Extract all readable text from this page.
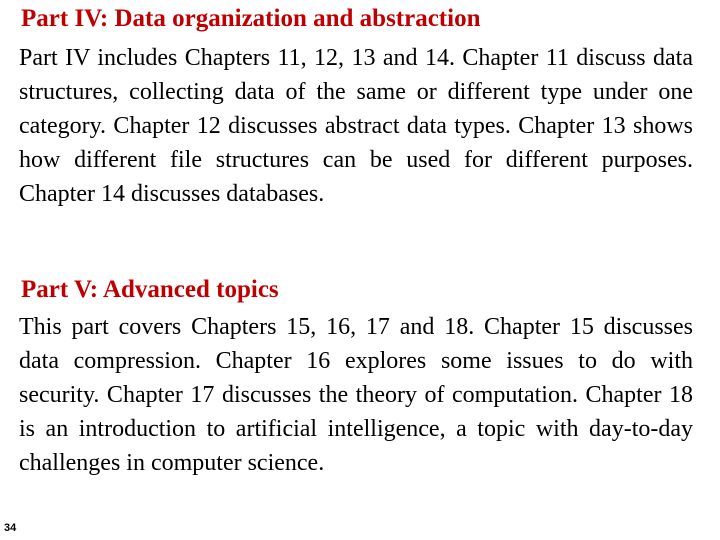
Part IV: Data organization and abstraction

Part IV includes Chapters 11, 12, 13 and 14. Chapter 11 discuss data structures, collecting data of the same or different type under one category. Chapter 12 discusses abstract data types. Chapter 13 shows how different file structures can be used for different purposes. Chapter 14 discusses databases.

Part V: Advanced topics

This part covers Chapters 15, 16, 17 and 18. Chapter 15 discusses data compression. Chapter 16 explores some issues to do with security. Chapter 17 discusses the theory of computation. Chapter 18 is an introduction to artificial intelligence, a topic with day-to-day challenges in computer science.

34
